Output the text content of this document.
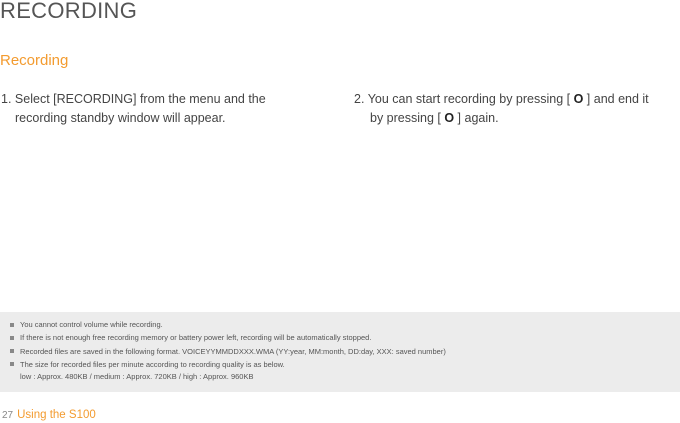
RECORDING
Recording
1. Select [RECORDING] from the menu and the
recording standby window will appear.
2. You can start recording by pressing [ O ] and end it
by pressing [ O ] again.
You cannot control volume while recording.
If there is not enough free recording memory or battery power left, recording will be automatically stopped.
Recorded files are saved in the following format. VOICEYYMMDDXXX.WMA (YY:year, MM:month, DD:day, XXX: saved number)
The size for recorded files per minute according to recording quality is as below.
low : Approx. 480KB / medium : Approx. 720KB / high : Approx. 960KB
27 Using the S100
